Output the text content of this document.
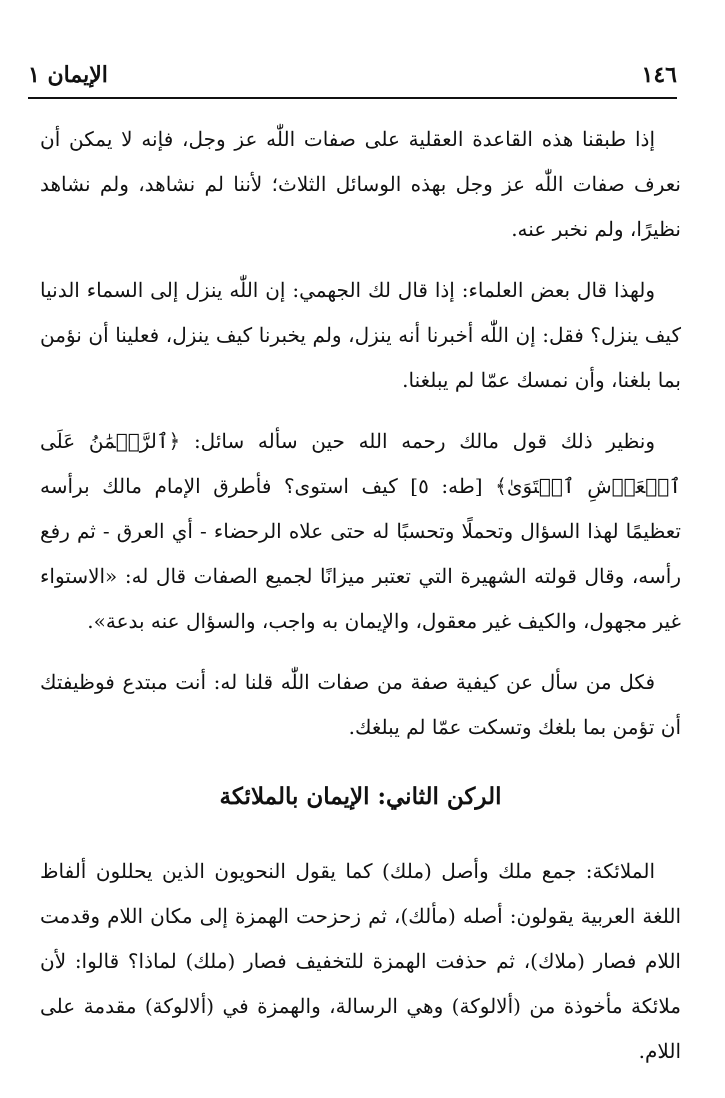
١٤٦
الإيمان ١

إذا طبقنا هذه القاعدة العقلية على صفات اللّٰه عز وجل، فإنه لا يمكن أن نعرف صفات اللّٰه عز وجل بهذه الوسائل الثلاث؛ لأننا لم نشاهد، ولم نشاهد نظيرًا، ولم نخبر عنه.

ولهذا قال بعض العلماء: إذا قال لك الجهمي: إن اللّٰه ينزل إلى السماء الدنيا كيف ينزل؟ فقل: إن اللّٰه أخبرنا أنه ينزل، ولم يخبرنا كيف ينزل، فعلينا أن نؤمن بما بلغنا، وأن نمسك عمّا لم يبلغنا.

ونظير ذلك قول مالك رحمه الله حين سأله سائل: ﴿ٱلرَّحۡمَٰنُ عَلَى ٱلۡعَرۡشِ ٱسۡتَوَىٰ﴾ [طه: ٥] كيف استوى؟ فأطرق الإمام مالك برأسه تعظيمًا لهذا السؤال وتحملًا وتحسبًا له حتى علاه الرحضاء - أي العرق - ثم رفع رأسه، وقال قولته الشهيرة التي تعتبر ميزانًا لجميع الصفات قال له: «الاستواء غير مجهول، والكيف غير معقول، والإيمان به واجب، والسؤال عنه بدعة».

فكل من سأل عن كيفية صفة من صفات اللّٰه قلنا له: أنت مبتدع فوظيفتك أن تؤمن بما بلغك وتسكت عمّا لم يبلغك.

الركن الثاني: الإيمان بالملائكة

الملائكة: جمع ملك وأصل (ملك) كما يقول النحويون الذين يحللون ألفاظ اللغة العربية يقولون: أصله (مألك)، ثم زحزحت الهمزة إلى مكان اللام وقدمت اللام فصار (ملاك)، ثم حذفت الهمزة للتخفيف فصار (ملك) لماذا؟ قالوا: لأن ملائكة مأخوذة من (ألالوكة) وهي الرسالة، والهمزة في (ألالوكة) مقدمة على اللام.
